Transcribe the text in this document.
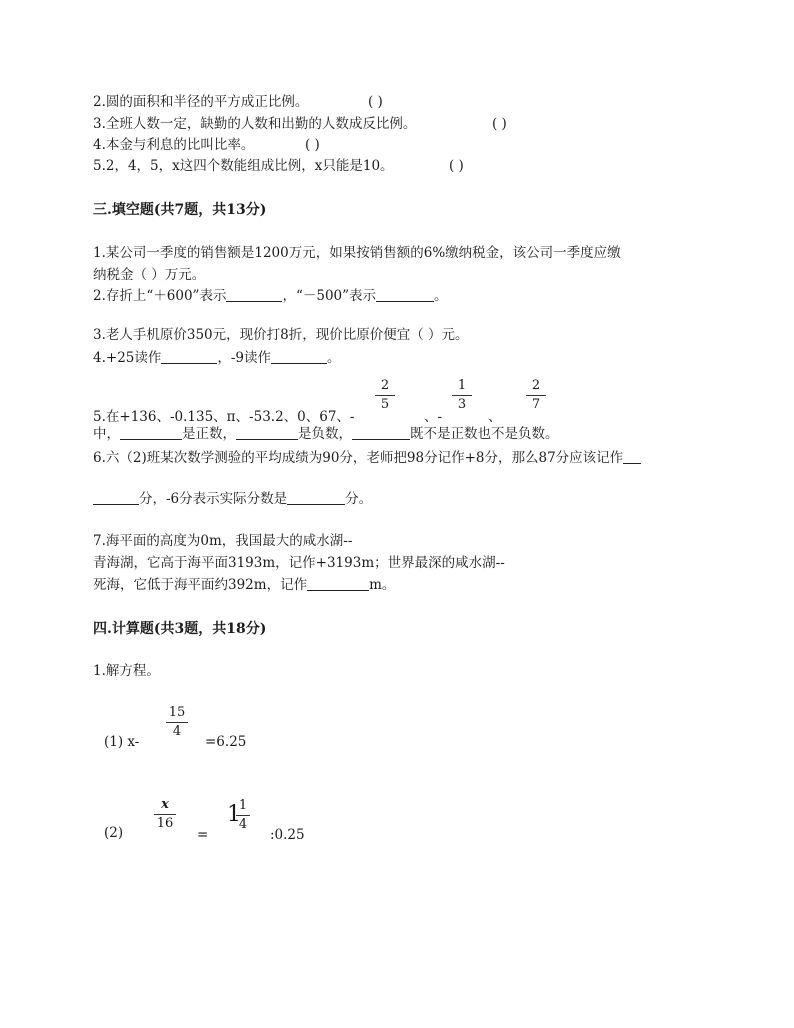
2.圆的面积和半径的平方成正比例。	( )
3.全班人数一定，缺勤的人数和出勤的人数成反比例。	( )
4.本金与利息的比叫比率。	( )
5.2，4，5，x这四个数能组成比例，x只能是10。	( )
三.填空题(共7题，共13分)
1.某公司一季度的销售额是1200万元，如果按销售额的6%缴纳税金，该公司一季度应缴
纳税金（ ）万元。
2.存折上“＋600”表示	，“－500”表示	。
3.老人手机原价350元，现价打8折，现价比原价便宜（ ）元。
4.+25读作	，-9读作	。
2
5
1
3
2
7
5.在+136、-0.135、π、-53.2、0、67、-	、-	、
中，	是正数，	是负数，	既不是正数也不是负数。
6.六（2)班某次数学测验的平均成绩为90分，老师把98分记作+8分，那么87分应该记作
分，-6分表示实际分数是	分。
7.海平面的高度为0m，我国最大的咸水湖--
青海湖，它高于海平面3193m，记作+3193m；世界最深的咸水湖--
死海，它低于海平面约392m，记作	m。
四.计算题(共3题，共18分)
1.解方程。
(1) x-
15
4
=6.25
(2)
x
16
=
1
1
4
:0.25
